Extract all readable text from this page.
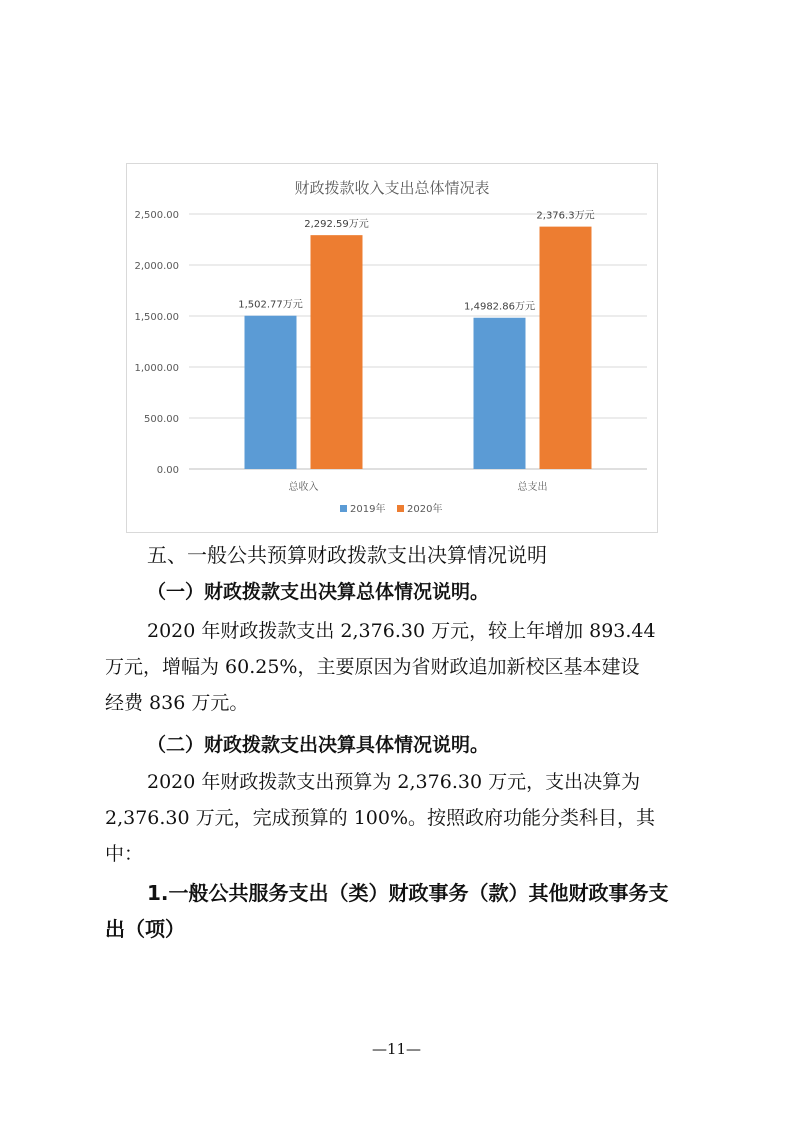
财政拨款收入支出总体情况表
0.00
500.00
1,000.00
1,500.00
2,000.00
2,500.00
1,502.77万元
2,292.59万元
1,4982.86万元
2,376.3万元
总收入	总支出
2019年 2020年
五、一般公共预算财政拨款支出决算情况说明
（一）财政拨款支出决算总体情况说明。
2020 年财政拨款支出 2,376.30 万元，较上年增加 893.44
万元，增幅为 60.25%，主要原因为省财政追加新校区基本建设
经费 836 万元。
（二）财政拨款支出决算具体情况说明。
2020 年财政拨款支出预算为 2,376.30 万元，支出决算为
2,376.30 万元，完成预算的 100%。按照政府功能分类科目，其
中：
1.一般公共服务支出（类）财政事务（款）其他财政事务支
出（项）
—11—
